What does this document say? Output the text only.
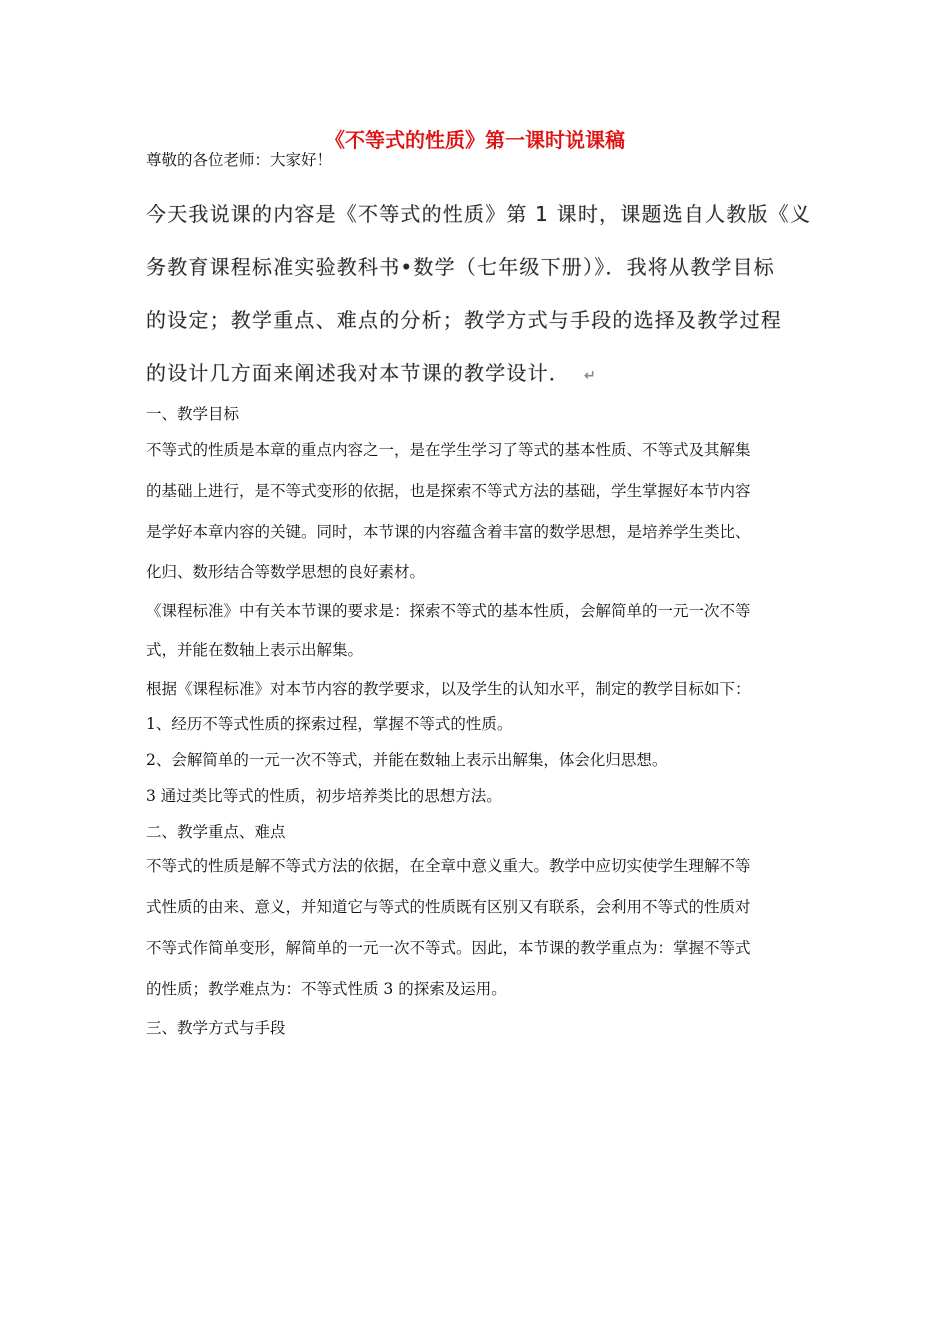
《不等式的性质》第一课时说课稿
尊敬的各位老师：大家好！
今天我说课的内容是《不等式的性质》第 1 课时，课题选自人教版《义
务教育课程标准实验教科书•数学（七年级下册）》．我将从教学目标
的设定；教学重点、难点的分析；教学方式与手段的选择及教学过程
的设计几方面来阐述我对本节课的教学设计． ↵
一、教学目标
不等式的性质是本章的重点内容之一，是在学生学习了等式的基本性质、不等式及其解集
的基础上进行，是不等式变形的依据，也是探索不等式方法的基础，学生掌握好本节内容
是学好本章内容的关键。同时，本节课的内容蕴含着丰富的数学思想，是培养学生类比、
化归、数形结合等数学思想的良好素材。
《课程标准》中有关本节课的要求是：探索不等式的基本性质，会解简单的一元一次不等
式，并能在数轴上表示出解集。
根据《课程标准》对本节内容的教学要求，以及学生的认知水平，制定的教学目标如下：
1、经历不等式性质的探索过程，掌握不等式的性质。
2、会解简单的一元一次不等式，并能在数轴上表示出解集，体会化归思想。
3 通过类比等式的性质，初步培养类比的思想方法。
二、教学重点、难点
不等式的性质是解不等式方法的依据，在全章中意义重大。教学中应切实使学生理解不等
式性质的由来、意义，并知道它与等式的性质既有区别又有联系，会利用不等式的性质对
不等式作简单变形，解简单的一元一次不等式。因此，本节课的教学重点为：掌握不等式
的性质；教学难点为：不等式性质 3 的探索及运用。
三、教学方式与手段
